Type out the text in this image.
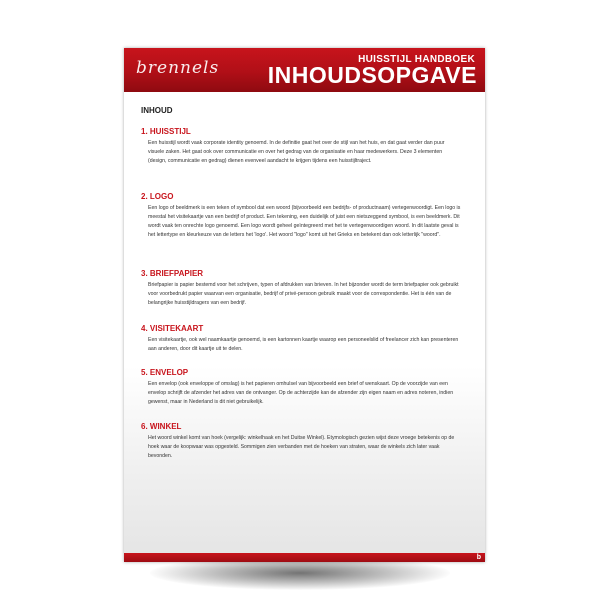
brennels	HUISSTIJL HANDBOEK
INHOUDSOPGAVE
INHOUD
1. HUISSTIJL

Een huisstijl wordt vaak corporate identity genoemd. In de definitie gaat het over de stijl van het huis, en dat gaat verder dan puur visuele zaken. Het gaat ook over communicatie en over het gedrag van de organisatie en haar medewerkers. Deze 3 elementen (design, communicatie en gedrag) dienen evenveel aandacht te krijgen tijdens een huisstijltraject.

2. LOGO

Een logo of beeldmerk is een teken of symbool dat een woord (bijvoorbeeld een bedrijfs- of productnaam) vertegenwoordigt. Een logo is meestal het visitekaartje van een bedrijf of product. Een tekening, een duidelijk of juist een nietszeggend symbool, is een beeldmerk. Dit wordt vaak ten onrechte logo genoemd. Een logo wordt geheel geïntegreerd met het te vertegenwoordigen woord. In dit laatste geval is het lettertype en kleurkeuze van de letters het 'logo'. Het woord "logo" komt uit het Grieks en betekent dan ook letterlijk "woord".

3. BRIEFPAPIER

Briefpapier is papier bestemd voor het schrijven, typen of afdrukken van brieven. In het bijzonder wordt de term briefpapier ook gebruikt voor voorbedrukt papier waarvan een organisatie, bedrijf of privé-persoon gebruik maakt voor de correspondentie. Het is één van de belangrijke huisstijldragers van een bedrijf.

4. VISITEKAART

Een visitekaartje, ook wel naamkaartje genoemd, is een kartonnen kaartje waarop een personeelslid of freelancer zich kan presenteren aan anderen, door dit kaartje uit te delen.

5. ENVELOP

Een envelop (ook enveloppe of omslag) is het papieren omhulsel van bijvoorbeeld een brief of wenskaart. Op de voorzijde van een envelop schrijft de afzender het adres van de ontvanger. Op de achterzijde kan de afzender zijn eigen naam en adres noteren, indien gewenst, maar in Nederland is dit niet gebruikelijk.

6. WINKEL

Het woord winkel komt van hoek (vergelijk: winkelhaak en het Duitse Winkel). Etymologisch gezien wijst deze vroege betekenis op de hoek waar de koopwaar was opgesteld. Sommigen zien verbanden met de hoeken van straten, waar de winkels zich later vaak bevonden.

b
